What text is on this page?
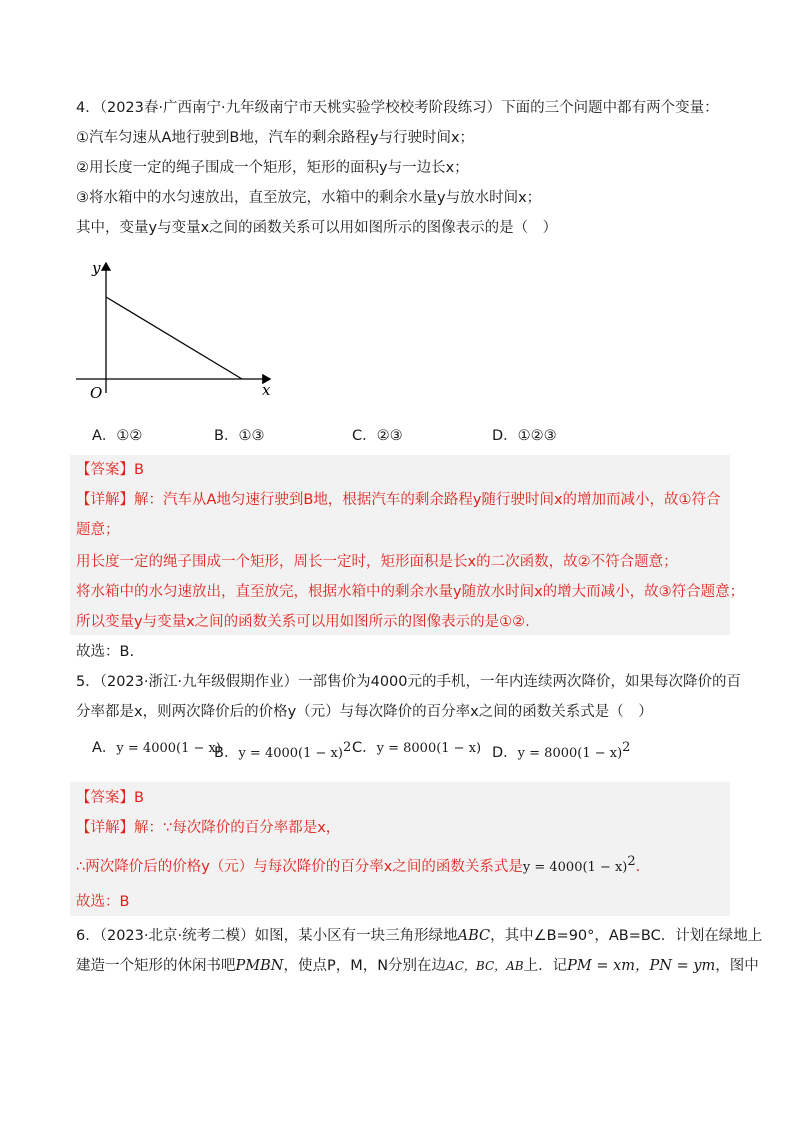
4．（2023春·广西南宁·九年级南宁市天桃实验学校校考阶段练习）下面的三个问题中都有两个变量：
①汽车匀速从A地行驶到B地，汽车的剩余路程y与行驶时间x；
②用长度一定的绳子围成一个矩形，矩形的面积y与一边长x；
③将水箱中的水匀速放出，直至放完，水箱中的剩余水量y与放水时间x；
其中，变量y与变量x之间的函数关系可以用如图所示的图像表示的是（　）
y
x
O
A．①②	B．①③	C．②③	D．①②③
【答案】B
【详解】解：汽车从A地匀速行驶到B地，根据汽车的剩余路程y随行驶时间x的增加而减小，故①符合
题意；
用长度一定的绳子围成一个矩形，周长一定时，矩形面积是长x的二次函数，故②不符合题意；
将水箱中的水匀速放出，直至放完，根据水箱中的剩余水量y随放水时间x的增大而减小，故③符合题意；
所以变量y与变量x之间的函数关系可以用如图所示的图像表示的是①②.
故选：B.
5．（2023·浙江·九年级假期作业）一部售价为4000元的手机，一年内连续两次降价，如果每次降价的百
分率都是x，则两次降价后的价格y（元）与每次降价的百分率x之间的函数关系式是（　）
A．y = 4000(1 − x)
B．$y = 4000(1 - x)^2$ C．y = 8000(1 − x) D．$y = 8000(1 - x)^2$
【答案】B
【详解】解：∵每次降价的百分率都是x，
∴两次降价后的价格y（元）与每次降价的百分率x之间的函数关系式是$y = 4000(1 - x)^2$.
故选：B
6．（2023·北京·统考二模）如图，某小区有一块三角形绿地ABC，其中∠B=90°，AB=BC．计划在绿地上
建造一个矩形的休闲书吧PMBN，使点P，M，N分别在边AC，BC，AB上．记PM = xm，PN = ym，图中
